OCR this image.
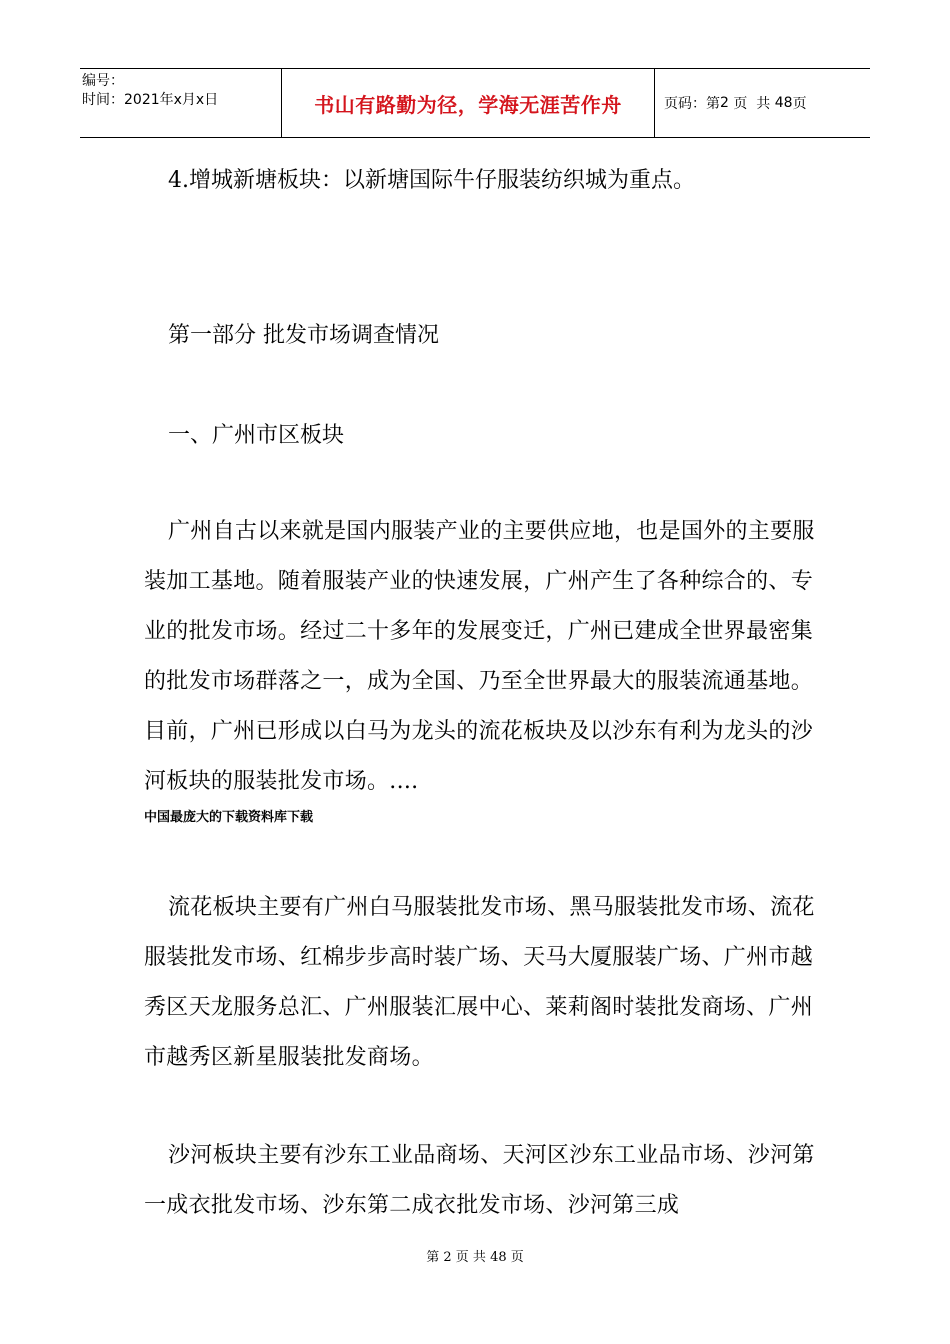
编号：
时间：2021年x月x日	书山有路勤为径，学海无涯苦作舟	页码：第 2
页  共
48 页

4.增城新塘板块：以新塘国际牛仔服装纺织城为重点。

第一部分 批发市场调查情况

一、广州市区板块

广州自古以来就是国内服装产业的主要供应地，也是国外的主要服装加工基地。随着服装产业的快速发展，广州产生了各种综合的、专业的批发市场。经过二十多年的发展变迁，广州已建成全世界最密集的批发市场群落之一，成为全国、乃至全世界最大的服装流通基地。目前，广州已形成以白马为龙头的流花板块及以沙东有利为龙头的沙河板块的服装批发市场。....

中国最庞大的下载资料库下载

流花板块主要有广州白马服装批发市场、黑马服装批发市场、流花服装批发市场、红棉步步高时装广场、天马大厦服装广场、广州市越秀区天龙服务总汇、广州服装汇展中心、莱莉阁时装批发商场、广州市越秀区新星服装批发商场。

沙河板块主要有沙东工业品商场、天河区沙东工业品市场、沙河第一成衣批发市场、沙东第二成衣批发市场、沙河第三成

第 2 页 共 48 页
